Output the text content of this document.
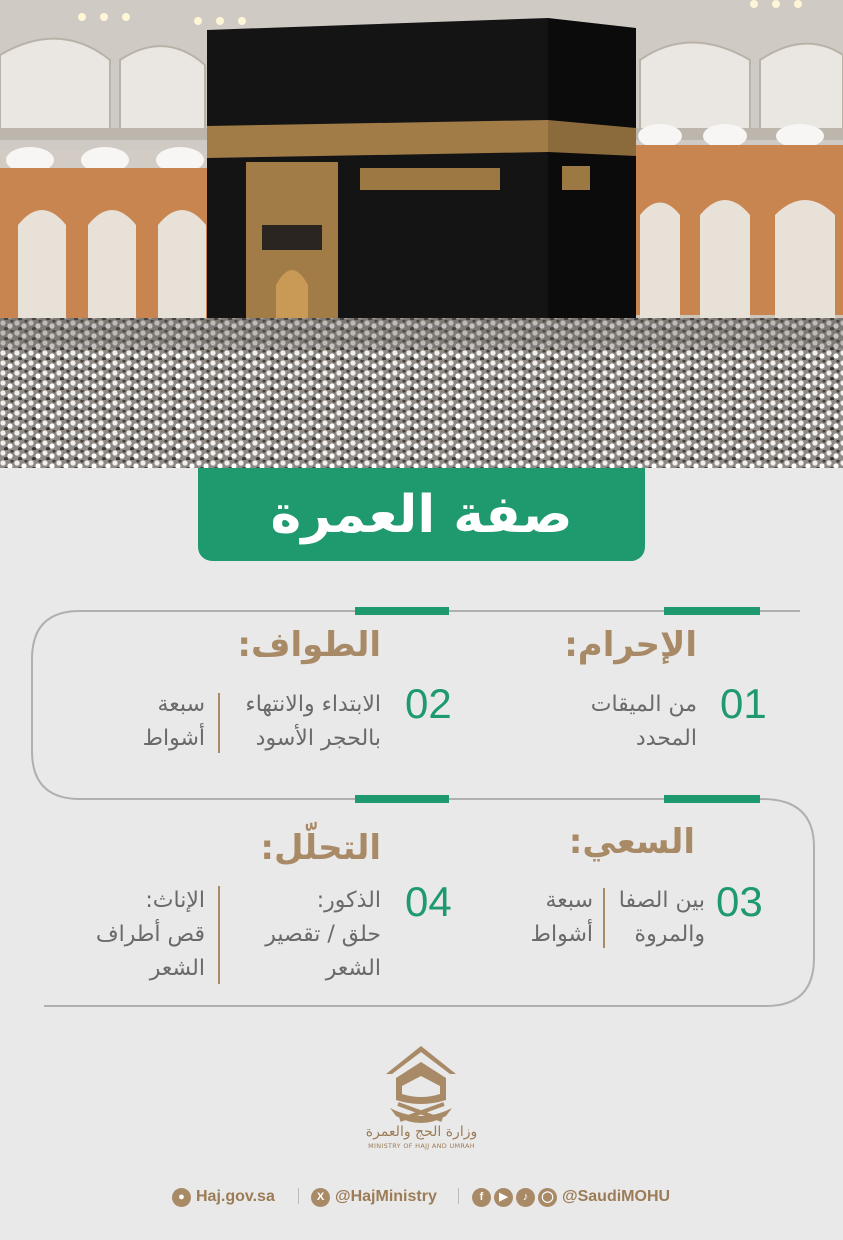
صفة العمرة
الإحرام:
01
من الميقات
المحدد
الطواف:
02
الابتداء والانتهاء
بالحجر الأسود
سبعة
أشواط
السعي:
03
بين الصفا
والمروة
سبعة
أشواط
التحلّل:
04
الذكور:
حلق / تقصير
الشعر
الإناث:
قص أطراف
الشعر
وزارة الحج والعمرة
MINISTRY OF HAJJ AND UMRAH
● Haj.gov.sa	X @HajMinistry	f	▶	♪	◯ @SaudiMOHU
